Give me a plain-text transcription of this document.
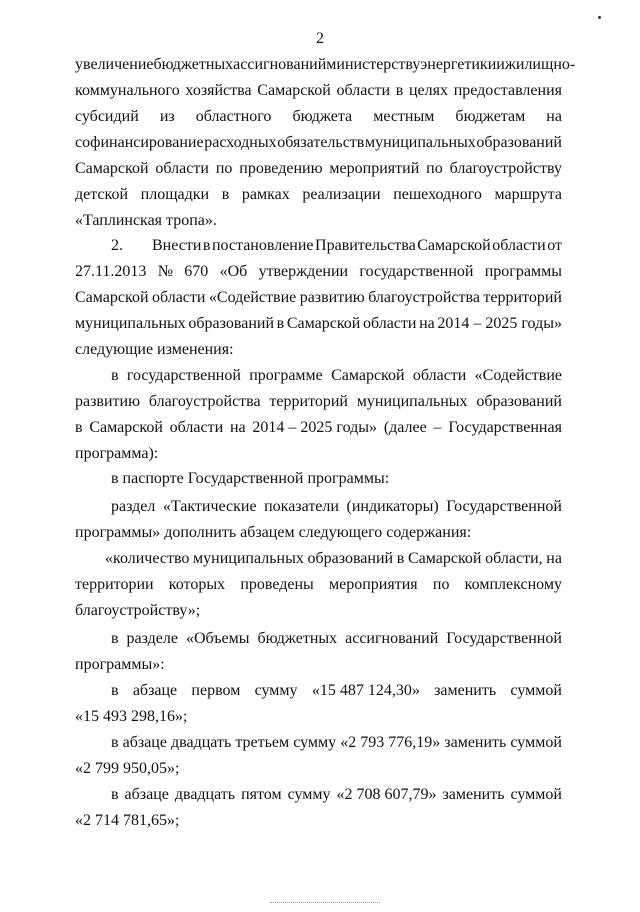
2
увеличение бюджетных ассигнований министерству энергетики и жилищно-
коммунального хозяйства Самарской области в целях предоставления
субсидий из областного бюджета местным бюджетам на
софинансирование расходных обязательств муниципальных образований
Самарской области по проведению мероприятий по благоустройству
детской площадки в рамках реализации пешеходного маршрута
«Таплинская тропа».
2. Внести в постановление Правительства Самарской области от
27.11.2013 № 670 «Об утверждении государственной программы
Самарской области «Содействие развитию благоустройства территорий
муниципальных образований в Самарской области на 2014 – 2025 годы»
следующие изменения:
в государственной программе Самарской области «Содействие
развитию благоустройства территорий муниципальных образований
в Самарской области на 2014 – 2025 годы» (далее – Государственная
программа):
в паспорте Государственной программы:
раздел «Тактические показатели (индикаторы) Государственной
программы» дополнить абзацем следующего содержания:
«количество муниципальных образований в Самарской области, на
территории которых проведены мероприятия по комплексному
благоустройству»;
в разделе «Объемы бюджетных ассигнований Государственной
программы»:
в абзаце первом сумму «15 487 124,30» заменить суммой
«15 493 298,16»;
в абзаце двадцать третьем сумму «2 793 776,19» заменить суммой
«2 799 950,05»;
в абзаце двадцать пятом сумму «2 708 607,79» заменить суммой
«2 714 781,65»;
